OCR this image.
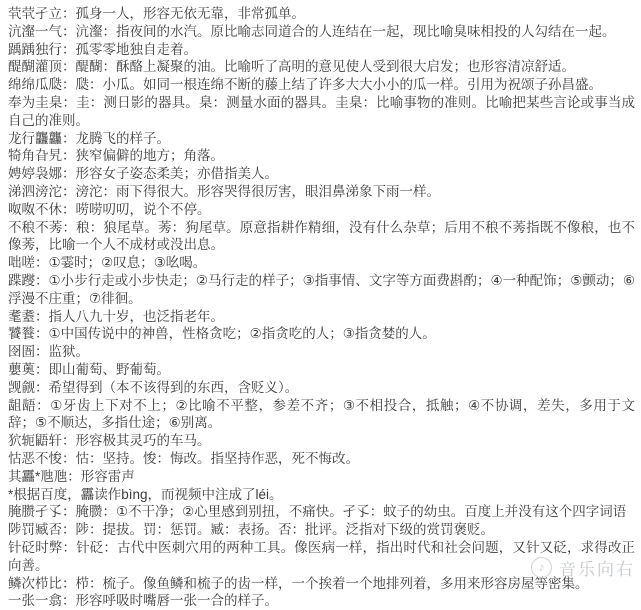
茕茕孑立：孤身一人，形容无依无靠，非常孤单。
沆瀣一气：沆瀣：指夜间的水汽。原比喻志同道合的人连结在一起，现比喻臭味相投的人勾结在一起。
踽踽独行：孤零零地独自走着。
醍醐灌顶：醍醐：酥酪上凝聚的油。比喻听了高明的意见使人受到很大启发；也形容清凉舒适。
绵绵瓜瓞：瓞：小瓜。如同一根连绵不断的藤上结了许多大大小小的瓜一样。引用为祝颂子孙昌盛。
奉为圭臬：圭：测日影的器具。臬：测量水面的器具。圭臬：比喻事物的准则。比喻把某些言论或事当成自己的准则。
龙行龘龘：龙腾飞的样子。
犄角旮旯：狭窄偏僻的地方；角落。
娉婷袅娜：形容女子姿态柔美；亦借指美人。
涕泗滂沱：滂沱：雨下得很大。形容哭得很厉害，眼泪鼻涕象下雨一样。
呶呶不休：唠唠叨叨，说个不停。
不稂不莠：稂：狼尾草。莠：狗尾草。原意指耕作精细，没有什么杂草；后用不稂不莠指既不像稂，也不像莠，比喻一个人不成材或没出息。
咄嗟：①霎时；②叹息；③吆喝。
蹀躞：①小步行走或小步快走；②马行走的样子；③指事情、文字等方面费斟酌；④一种配饰；⑤颤动；⑥浮漫不庄重；⑦徘徊。
耄耋：指人八九十岁，也泛指老年。
饕餮：①中国传说中的神兽，性格贪吃；②指贪吃的人；③指贪婪的人。
囹圄：监狱。
蘡薁：即山葡萄、野葡萄。
觊觎：希望得到（本不该得到的东西，含贬义）。
龃龉：①牙齿上下对不上；②比喻不平整，参差不齐；③不相投合，抵触；④不协调，差失，多用于文辞；⑤不顺达，多指仕途；⑥别离。
狖轭鼯轩：形容极其灵巧的车马。
怙恶不悛：怙：坚持。悛：悔改。指坚持作恶，死不悔改。
其靐*虺虺：形容雷声
*根据百度，靐读作bìng，而视频中注成了léi。
腌臜孑孓：腌臜：①不干净；②心里感到别扭，不痛快。孑孓：蚊子的幼虫。百度上并没有这个四字词语
陟罚臧否：陟：提拔。罚：惩罚。臧：表扬。否：批评。泛指对下级的赏罚褒贬。
针砭时弊：针砭：古代中医刺穴用的两种工具。像医病一样，指出时代和社会问题，又针又砭，求得改正向善。
鳞次栉比：栉：梳子。像鱼鳞和梳子的齿一样，一个挨着一个地排列着，多用来形容房屋等密集。
一张一翕：形容呼吸时嘴唇一张一合的样子。
♪ 音乐向右
